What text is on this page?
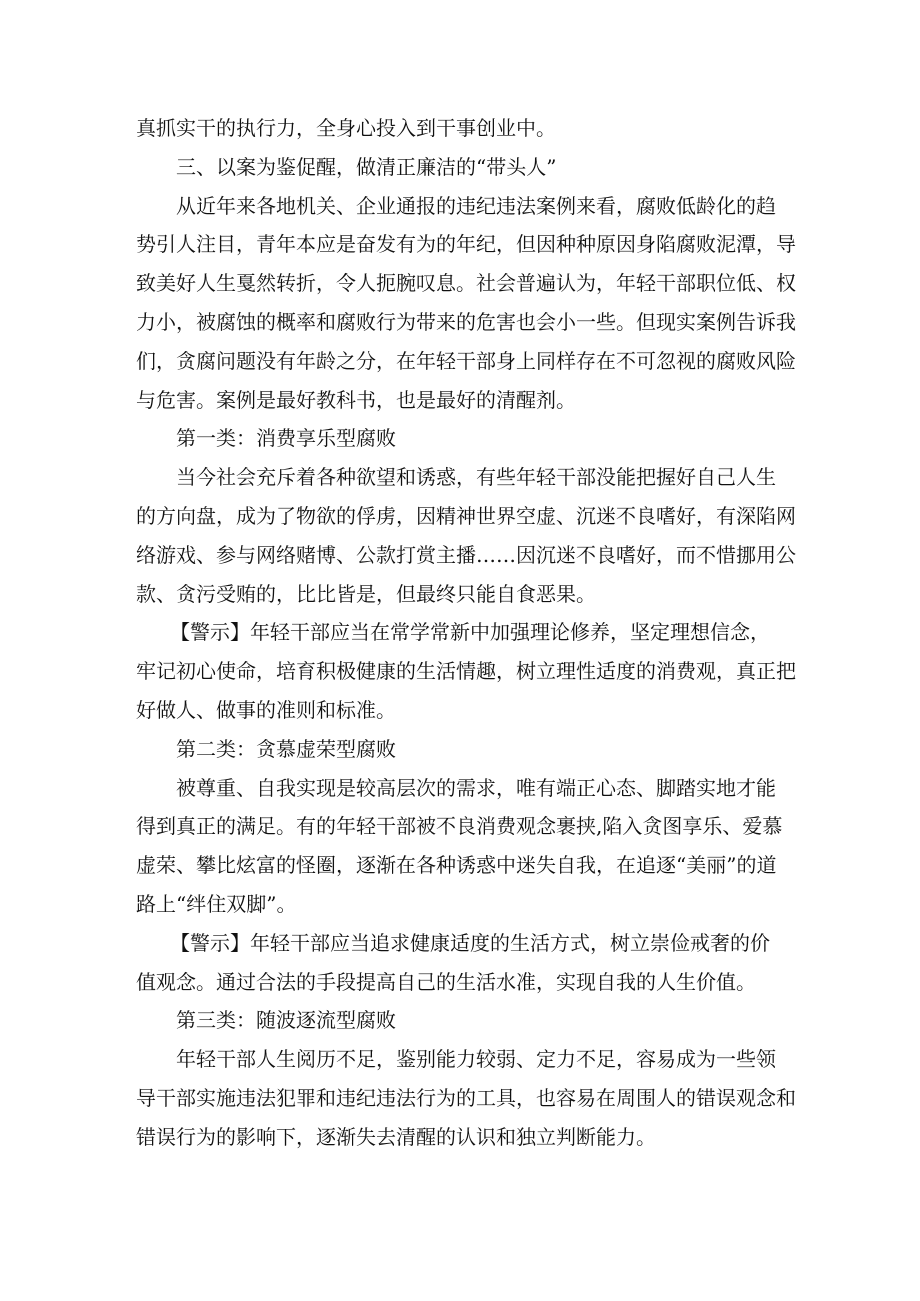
真抓实干的执行力，全身心投入到干事创业中。

三、以案为鉴促醒，做清正廉洁的“带头人”

从近年来各地机关、企业通报的违纪违法案例来看，腐败低龄化的趋
势引人注目，青年本应是奋发有为的年纪，但因种种原因身陷腐败泥潭，导
致美好人生戛然转折，令人扼腕叹息。社会普遍认为，年轻干部职位低、权
力小，被腐蚀的概率和腐败行为带来的危害也会小一些。但现实案例告诉我
们，贪腐问题没有年龄之分，在年轻干部身上同样存在不可忽视的腐败风险
与危害。案例是最好教科书，也是最好的清醒剂。

第一类：消费享乐型腐败

当今社会充斥着各种欲望和诱惑，有些年轻干部没能把握好自己人生
的方向盘，成为了物欲的俘虏，因精神世界空虚、沉迷不良嗜好，有深陷网
络游戏、参与网络赌博、公款打赏主播……因沉迷不良嗜好，而不惜挪用公
款、贪污受贿的，比比皆是，但最终只能自食恶果。

【警示】年轻干部应当在常学常新中加强理论修养，坚定理想信念，
牢记初心使命，培育积极健康的生活情趣，树立理性适度的消费观，真正把
好做人、做事的准则和标准。

第二类：贪慕虚荣型腐败

被尊重、自我实现是较高层次的需求，唯有端正心态、脚踏实地才能
得到真正的满足。有的年轻干部被不良消费观念裹挟,陷入贪图享乐、爱慕
虚荣、攀比炫富的怪圈，逐渐在各种诱惑中迷失自我，在追逐“美丽”的道
路上“绊住双脚”。

【警示】年轻干部应当追求健康适度的生活方式，树立崇俭戒奢的价
值观念。通过合法的手段提高自己的生活水准，实现自我的人生价值。

第三类：随波逐流型腐败

年轻干部人生阅历不足，鉴别能力较弱、定力不足，容易成为一些领
导干部实施违法犯罪和违纪违法行为的工具，也容易在周围人的错误观念和
错误行为的影响下，逐渐失去清醒的认识和独立判断能力。
